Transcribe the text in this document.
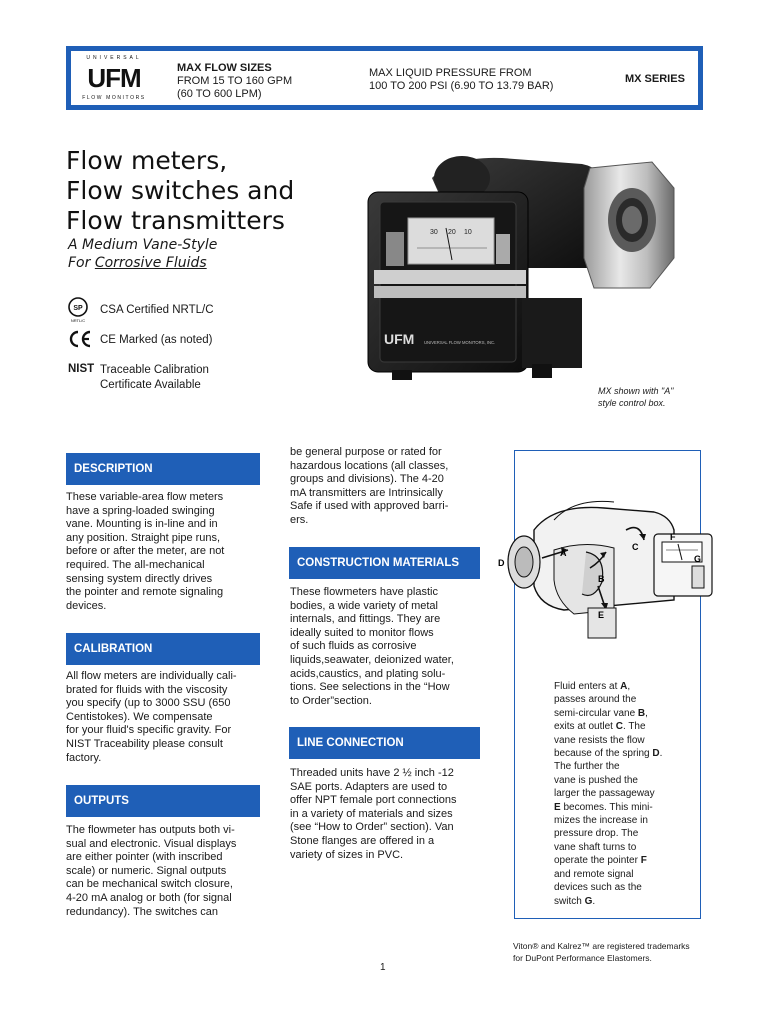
UNIVERSAL
UFM
FLOW MONITORS
MAX FLOW SIZES
FROM 15 TO 160 GPM
(60 TO 600 LPM)
MAX LIQUID PRESSURE FROM
100 TO 200 PSI (6.90 TO 13.79 BAR)
MX SERIES
Flow meters,
Flow switches and
Flow transmitters
A Medium Vane-Style
For Corrosive Fluids
SP
NRTL/C
CSA Certified NRTL/C
CE Marked (as noted)
NIST Traceable Calibration
Certificate Available
30 20 10
UFM UNIVERSAL FLOW MONITORS, INC.
MX shown with "A"
style control box.
DESCRIPTION
These variable-area flow meters
have a spring-loaded swinging
vane. Mounting is in-line and in
any position. Straight pipe runs,
before or after the meter, are not
required. The all-mechanical
sensing system directly drives
the pointer and remote signaling
devices.
CALIBRATION
All flow meters are individually cali-
brated for fluids with the viscosity
you specify (up to 3000 SSU (650
Centistokes). We compensate
for your fluid's specific gravity. For
NIST Traceability please consult
factory.
OUTPUTS
The flowmeter has outputs both vi-
sual and electronic. Visual displays
are either pointer (with inscribed
scale) or numeric. Signal outputs
can be mechanical switch closure,
4-20 mA analog or both (for signal
redundancy). The switches can
be general purpose or rated for
hazardous locations (all classes,
groups and divisions). The 4-20
mA transmitters are Intrinsically
Safe if used with approved barri-
ers.
CONSTRUCTION MATERIALS
These flowmeters have plastic
bodies, a wide variety of metal
internals, and fittings. They are
ideally suited to monitor flows
of such fluids as corrosive
liquids,seawater, deionized water,
acids,caustics, and plating solu-
tions. See selections in the “How
to Order”section.
LINE CONNECTION
Threaded units have 2 ½ inch -12
SAE ports. Adapters are used to
offer NPT female port connections
in a variety of materials and sizes
(see “How to Order” section). Van
Stone flanges are offered in a
variety of sizes in PVC.
D
A
B
C
E
F
G
Fluid enters at A,
passes around the
semi-circular vane B,
exits at outlet C. The
vane resists the flow
because of the spring D.
The further the
vane is pushed the
larger the passageway
E becomes. This mini-
mizes the increase in
pressure drop. The
vane shaft turns to
operate the pointer F
and remote signal
devices such as the
switch G.
Viton® and Kalrez™ are registered trademarks
for DuPont Performance Elastomers.
1
